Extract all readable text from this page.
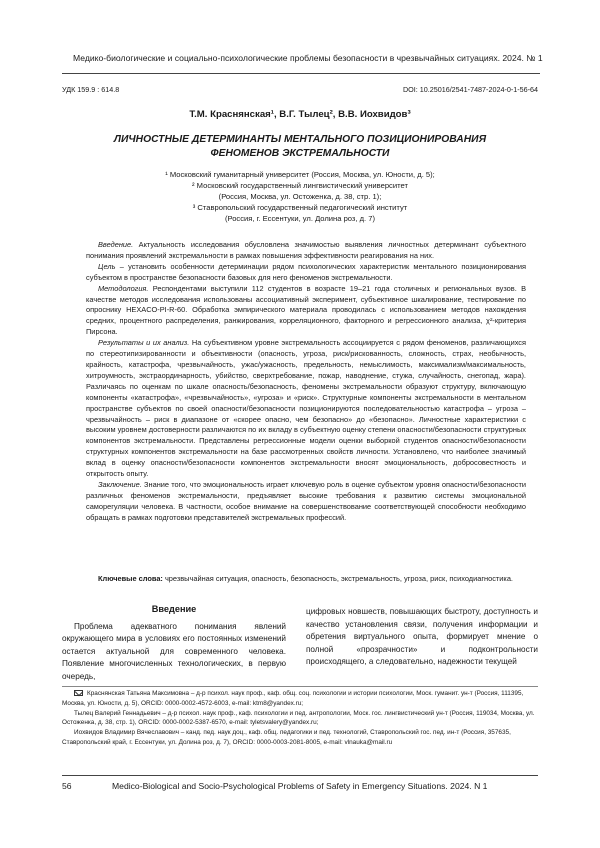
Медико-биологические и социально-психологические проблемы безопасности в чрезвычайных ситуациях. 2024. № 1
УДК 159.9 : 614.8	DOI: 10.25016/2541-7487-2024-0-1-56-64
Т.М. Краснянская¹, В.Г. Тылец², В.В. Иохвидов³
ЛИЧНОСТНЫЕ ДЕТЕРМИНАНТЫ МЕНТАЛЬНОГО ПОЗИЦИОНИРОВАНИЯ ФЕНОМЕНОВ ЭКСТРЕМАЛЬНОСТИ
¹ Московский гуманитарный университет (Россия, Москва, ул. Юности, д. 5);
² Московский государственный лингвистический университет
(Россия, Москва, ул. Остоженка, д. 38, стр. 1);
³ Ставропольский государственный педагогический институт
(Россия, г. Ессентуки, ул. Долина роз, д. 7)

Введение. Актуальность исследования обусловлена значимостью выявления личностных детерминант субъектного понимания проявлений экстремальности в рамках повышения эффективности реагирования на них.

Цель – установить особенности детерминации рядом психологических характеристик ментального позиционирования субъектом в пространстве безопасности базовых для него феноменов экстремальности.

Методология. Респондентами выступили 112 студентов в возрасте 19–21 года столичных и региональных вузов. В качестве методов исследования использованы ассоциативный эксперимент, субъективное шкалирование, тестирование по опроснику HEXACO-PI-R-60. Обработка эмпирического материала проводилась с использованием методов нахождения средних, процентного распределения, ранжирования, корреляционного, факторного и регрессионного анализа, χ²-критерия Пирсона.

Результаты и их анализ. На субъективном уровне экстремальность ассоциируется с рядом феноменов, различающихся по стереотипизированности и объективности (опасность, угроза, риск/рискованность, сложность, страх, необычность, крайность, катастрофа, чрезвычайность, ужас/ужасность, предельность, немыслимость, максимализм/максимальность, хитроумность, экстраординарность, убийство, сверхтребование, пожар, наводнение, стужа, случайность, снегопад, жара). Различаясь по оценкам по шкале опасность/безопасность, феномены экстремальности образуют структуру, включающую компоненты «катастрофа», «чрезвычайность», «угроза» и «риск». Структурные компоненты экстремальности в ментальном пространстве субъектов по своей опасности/безопасности позиционируются последовательностью катастрофа – угроза – чрезвычайность – риск в диапазоне от «скорее опасно, чем безопасно» до «безопасно». Личностные характеристики с высоким уровнем достоверности различаются по их вкладу в субъектную оценку степени опасности/безопасности структурных компонентов экстремальности. Представлены регрессионные модели оценки выборкой студентов опасности/безопасности структурных компонентов экстремальности на базе рассмотренных свойств личности. Установлено, что наиболее значимый вклад в оценку опасности/безопасности компонентов экстремальности вносят эмоциональность, добросовестность и открытость опыту.

Заключение. Знание того, что эмоциональность играет ключевую роль в оценке субъектом уровня опасности/безопасности различных феноменов экстремальности, предъявляет высокие требования к развитию системы эмоциональной саморегуляции человека. В частности, особое внимание на совершенствование соответствующей способности необходимо обращать в рамках подготовки представителей экстремальных профессий.

Ключевые слова: чрезвычайная ситуация, опасность, безопасность, экстремальность, угроза, риск, психодиагностика.
Введение

Проблема адекватного понимания явлений окружающего мира в условиях его постоянных изменений остается актуальной для современного человека. Появление многочисленных технологических, в первую очередь,

цифровых новшеств, повышающих быстроту, доступность и качество установления связи, получения информации и обретения виртуального опыта, формирует мнение о полной «прозрачности» и подконтрольности происходящего, а следовательно, надежности текущей

Краснянская Татьяна Максимовна – д-р психол. наук проф., каф. общ. соц. психологии и истории психологии, Моск. гуманит. ун-т (Россия, 111395, Москва, ул. Юности, д. 5), ORCID: 0000-0002-4572-6003, e-mail: ktm8@yandex.ru;

Тылец Валерий Геннадьевич – д-р психол. наук проф., каф. психологии и пед. антропологии, Моск. гос. лингвистический ун-т (Россия, 119034, Москва, ул. Остоженка, д. 38, стр. 1), ORCID: 0000-0002-5387-6570, e-mail: tyletsvalery@yandex.ru;

Иохвидов Владимир Вячеславович – канд. пед. наук доц., каф. общ. педагогики и пед. технологий, Ставропольский гос. пед. ин-т (Россия, 357635, Ставропольский край, г. Ессентуки, ул. Долина роз, д. 7), ORCID: 0000-0003-2081-8005, e-mail: vlnauka@mail.ru

56	Medico-Biological and Socio-Psychological Problems of Safety in Emergency Situations. 2024. N 1
